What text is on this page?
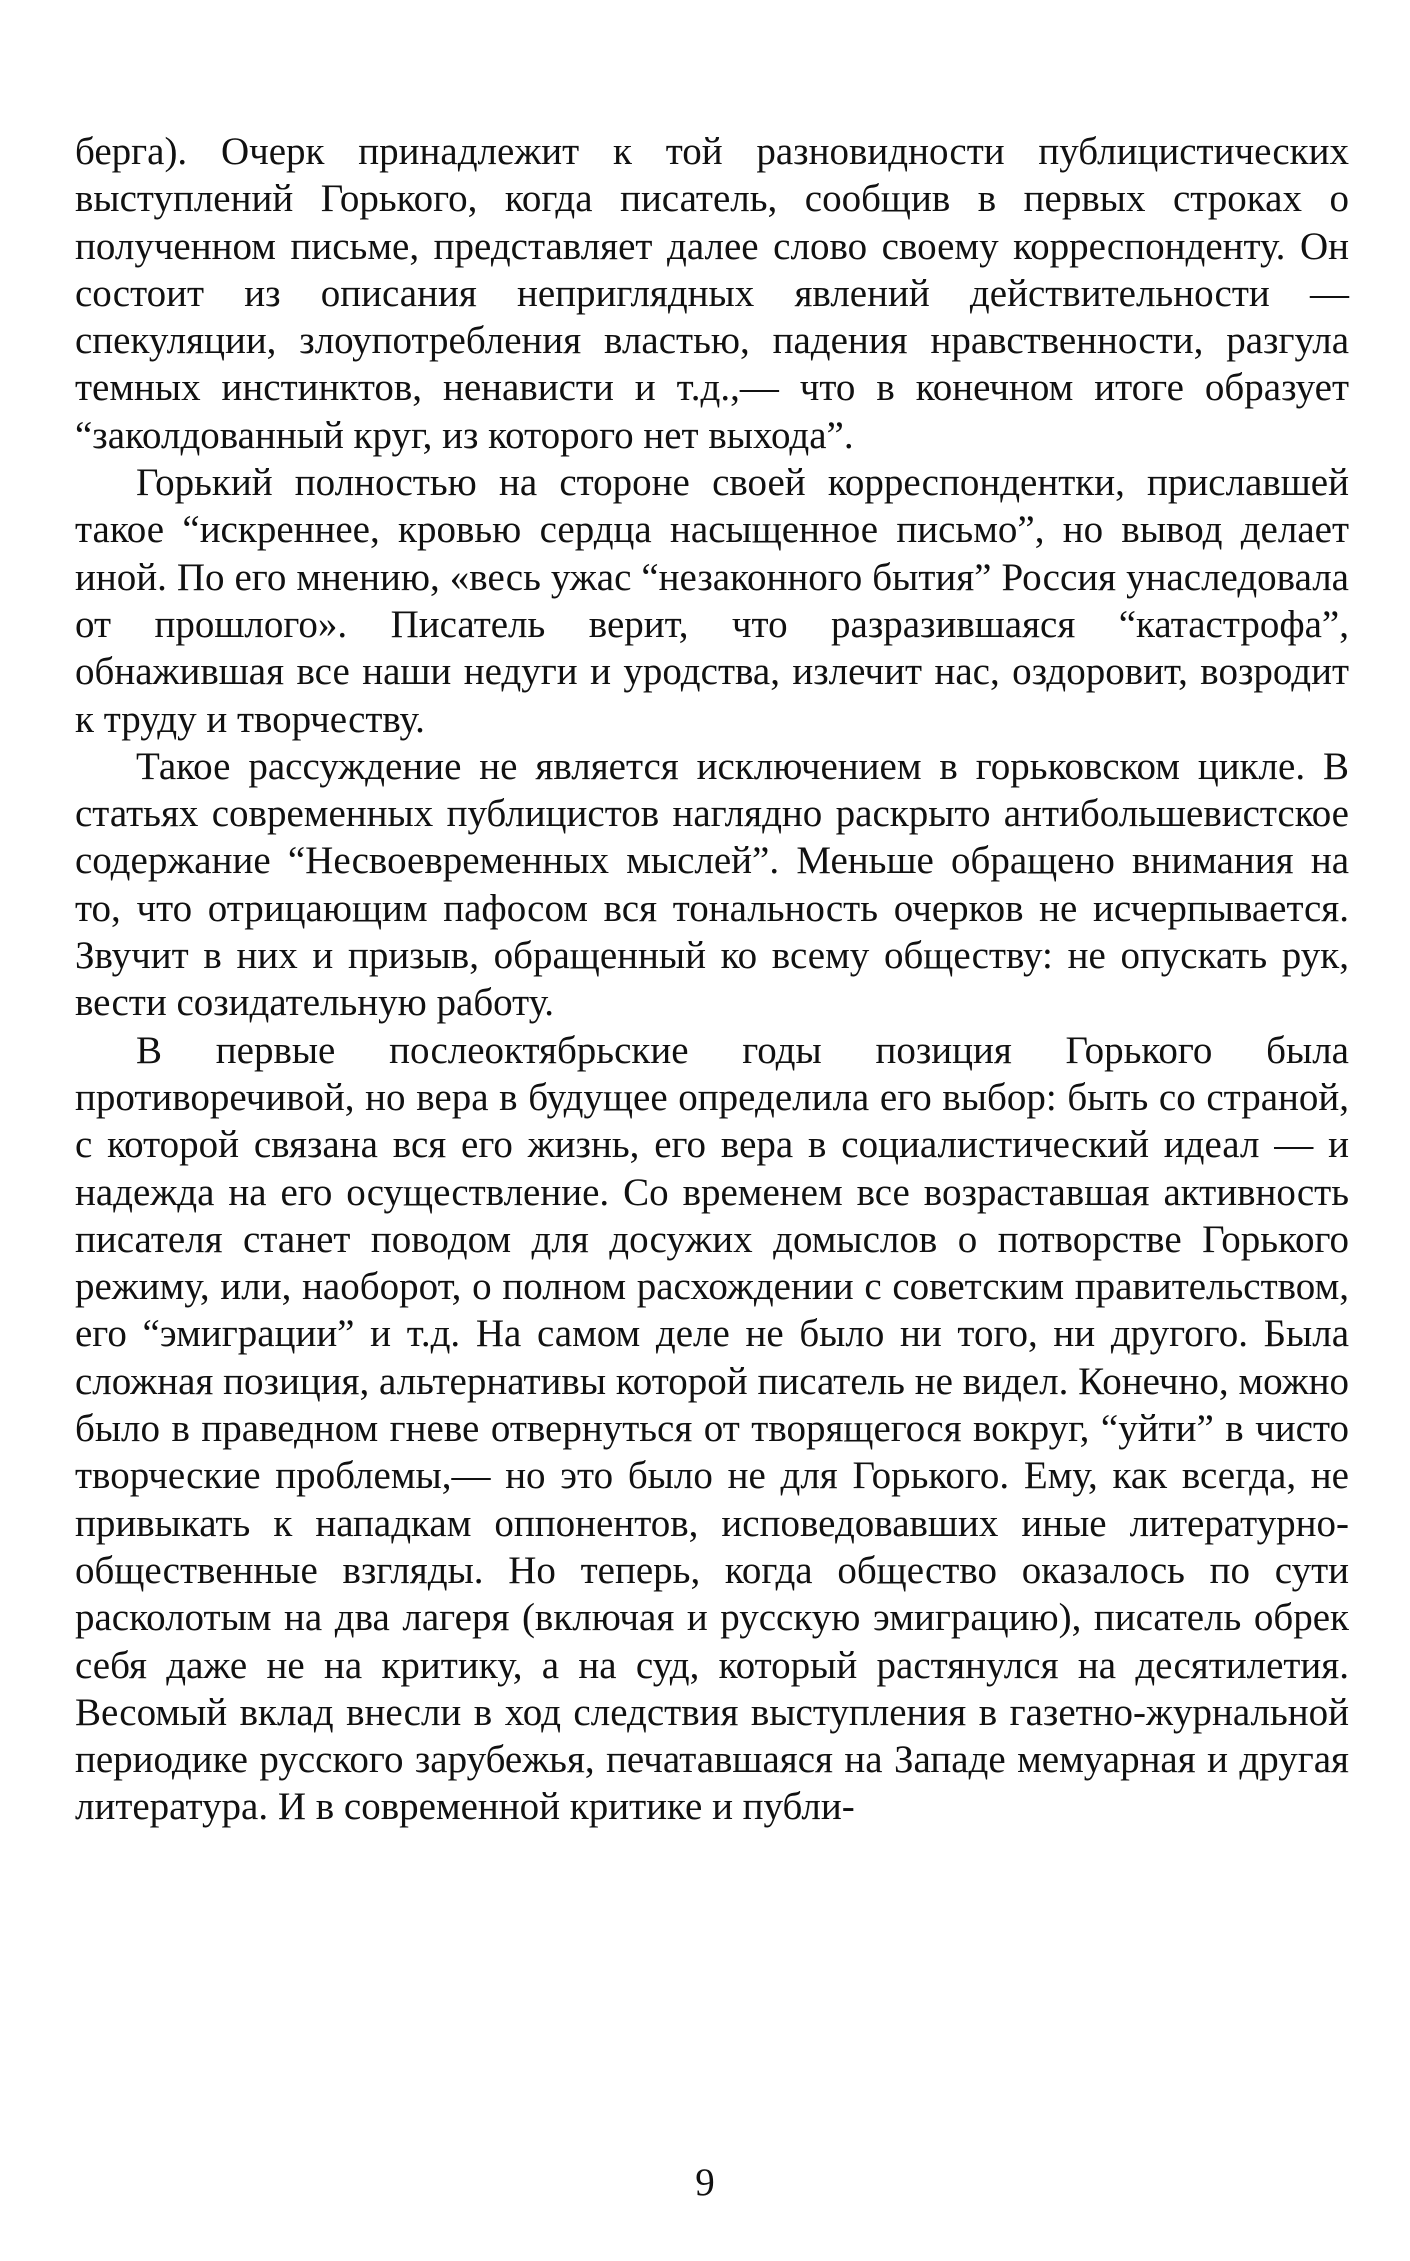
берга). Очерк принадлежит к той разновидности публицистических выступлений Горького, когда писатель, сообщив в первых строках о полученном письме, представляет далее слово своему корреспонденту. Он состоит из описания неприглядных явлений действительности — спекуляции, злоупотребления властью, падения нравственности, разгула темных инстинктов, ненависти и т.д.,— что в конечном итоге образует “заколдованный круг, из которого нет выхода”.

Горький полностью на стороне своей корреспондентки, приславшей такое “искреннее, кровью сердца насыщенное письмо”, но вывод делает иной. По его мнению, «весь ужас “незаконного бытия” Россия унаследовала от прошлого». Писатель верит, что разразившаяся “катастрофа”, обнажившая все наши недуги и уродства, излечит нас, оздоровит, возродит к труду и творчеству.

Такое рассуждение не является исключением в горьковском цикле. В статьях современных публицистов наглядно раскрыто антибольшевистское содержание “Несвоевременных мыслей”. Меньше обращено внимания на то, что отрицающим пафосом вся тональность очерков не исчерпывается. Звучит в них и призыв, обращенный ко всему обществу: не опускать рук, вести созидательную работу.

В первые послеоктябрьские годы позиция Горького была противоречивой, но вера в будущее определила его выбор: быть со страной, с которой связана вся его жизнь, его вера в социалистический идеал — и надежда на его осуществление. Со временем все возраставшая активность писателя станет поводом для досужих домыслов о потворстве Горького режиму, или, наоборот, о полном расхождении с советским правительством, его “эмиграции” и т.д. На самом деле не было ни того, ни другого. Была сложная позиция, альтернативы которой писатель не видел. Конечно, можно было в праведном гневе отвернуться от творящегося вокруг, “уйти” в чисто творческие проблемы,— но это было не для Горького. Ему, как всегда, не привыкать к нападкам оппонентов, исповедовавших иные литературно-общественные взгляды. Но теперь, когда общество оказалось по сути расколотым на два лагеря (включая и русскую эмиграцию), писатель обрек себя даже не на критику, а на суд, который растянулся на десятилетия. Весомый вклад внесли в ход следствия выступления в газетно-журнальной периодике русского зарубежья, печатавшаяся на Западе мемуарная и другая литература. И в современной критике и публи-

9
